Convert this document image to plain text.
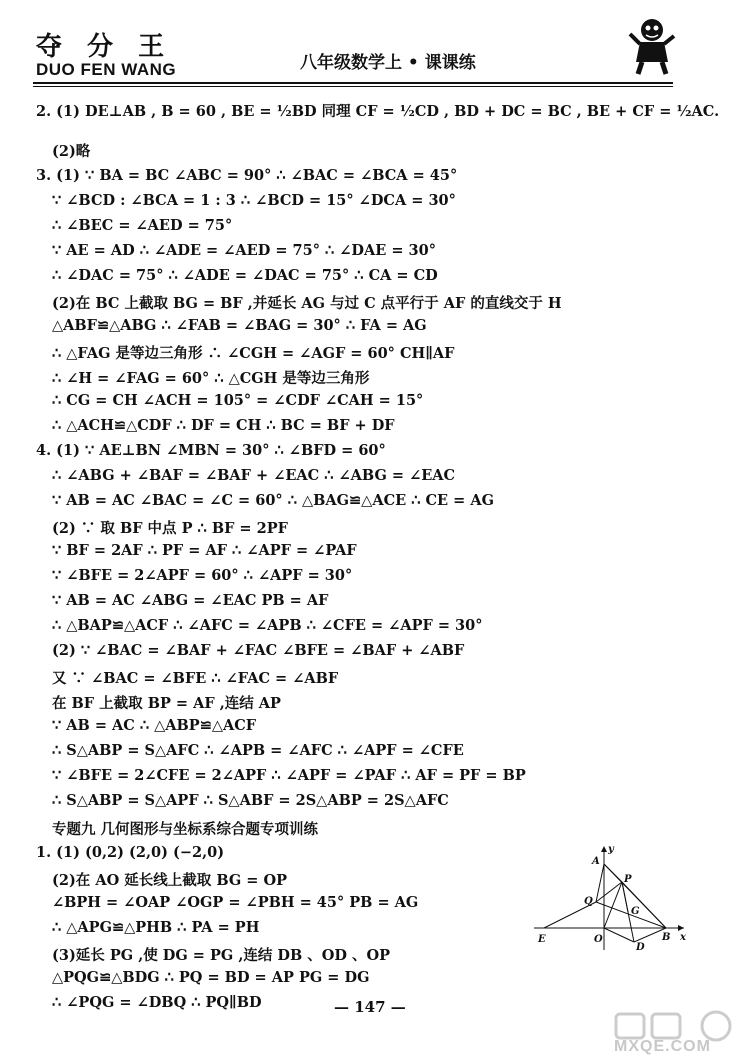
夺 分 王
DUO FEN WANG	八年级数学上 • 课课练
2. (1) DE⊥AB , B = 60 , BE = ½BD 同理 CF = ½CD , BD + DC = BC , BE + CF = ½AC.
(2)略
3. (1) ∵ BA = BC ∠ABC = 90° ∴ ∠BAC = ∠BCA = 45°
∵ ∠BCD : ∠BCA = 1 : 3 ∴ ∠BCD = 15° ∠DCA = 30°
∴ ∠BEC = ∠AED = 75°
∵ AE = AD ∴ ∠ADE = ∠AED = 75° ∴ ∠DAE = 30°
∴ ∠DAC = 75° ∴ ∠ADE = ∠DAC = 75° ∴ CA = CD
(2)在 BC 上截取 BG = BF ,并延长 AG 与过 C 点平行于 AF 的直线交于 H
△ABF≌△ABG ∴ ∠FAB = ∠BAG = 30° ∴ FA = AG
∴ △FAG 是等边三角形 ∴ ∠CGH = ∠AGF = 60° CH∥AF
∴ ∠H = ∠FAG = 60° ∴ △CGH 是等边三角形
∴ CG = CH ∠ACH = 105° = ∠CDF ∠CAH = 15°
∴ △ACH≌△CDF ∴ DF = CH ∴ BC = BF + DF
4. (1) ∵ AE⊥BN ∠MBN = 30° ∴ ∠BFD = 60°
∴ ∠ABG + ∠BAF = ∠BAF + ∠EAC ∴ ∠ABG = ∠EAC
∵ AB = AC ∠BAC = ∠C = 60° ∴ △BAG≌△ACE ∴ CE = AG
(2) ∵ 取 BF 中点 P ∴ BF = 2PF
∵ BF = 2AF ∴ PF = AF ∴ ∠APF = ∠PAF
∵ ∠BFE = 2∠APF = 60° ∴ ∠APF = 30°
∵ AB = AC ∠ABG = ∠EAC PB = AF
∴ △BAP≌△ACF ∴ ∠AFC = ∠APB ∴ ∠CFE = ∠APF = 30°
(2) ∵ ∠BAC = ∠BAF + ∠FAC ∠BFE = ∠BAF + ∠ABF
又 ∵ ∠BAC = ∠BFE ∴ ∠FAC = ∠ABF
在 BF 上截取 BP = AF ,连结 AP
∵ AB = AC ∴ △ABP≌△ACF
∴ S△ABP = S△AFC ∴ ∠APB = ∠AFC ∴ ∠APF = ∠CFE
∵ ∠BFE = 2∠CFE = 2∠APF ∴ ∠APF = ∠PAF ∴ AF = PF = BP
∴ S△ABP = S△APF ∴ S△ABF = 2S△ABP = 2S△AFC
专题九 几何图形与坐标系综合题专项训练
1. (1) (0,2) (2,0) (−2,0)
(2)在 AO 延长线上截取 BG = OP
∠BPH = ∠OAP ∠OGP = ∠PBH = 45° PB = AG
∴ △APG≌△PHB ∴ PA = PH
(3)延长 PG ,使 DG = PG ,连结 DB 、OD 、OP
△PQG≌△BDG ∴ PQ = BD = AP PG = DG
∴ ∠PQG = ∠DBQ ∴ PQ∥BD
A
y
P
Q
G
E	O
D
B x
— 147 —
MXQE.COM
